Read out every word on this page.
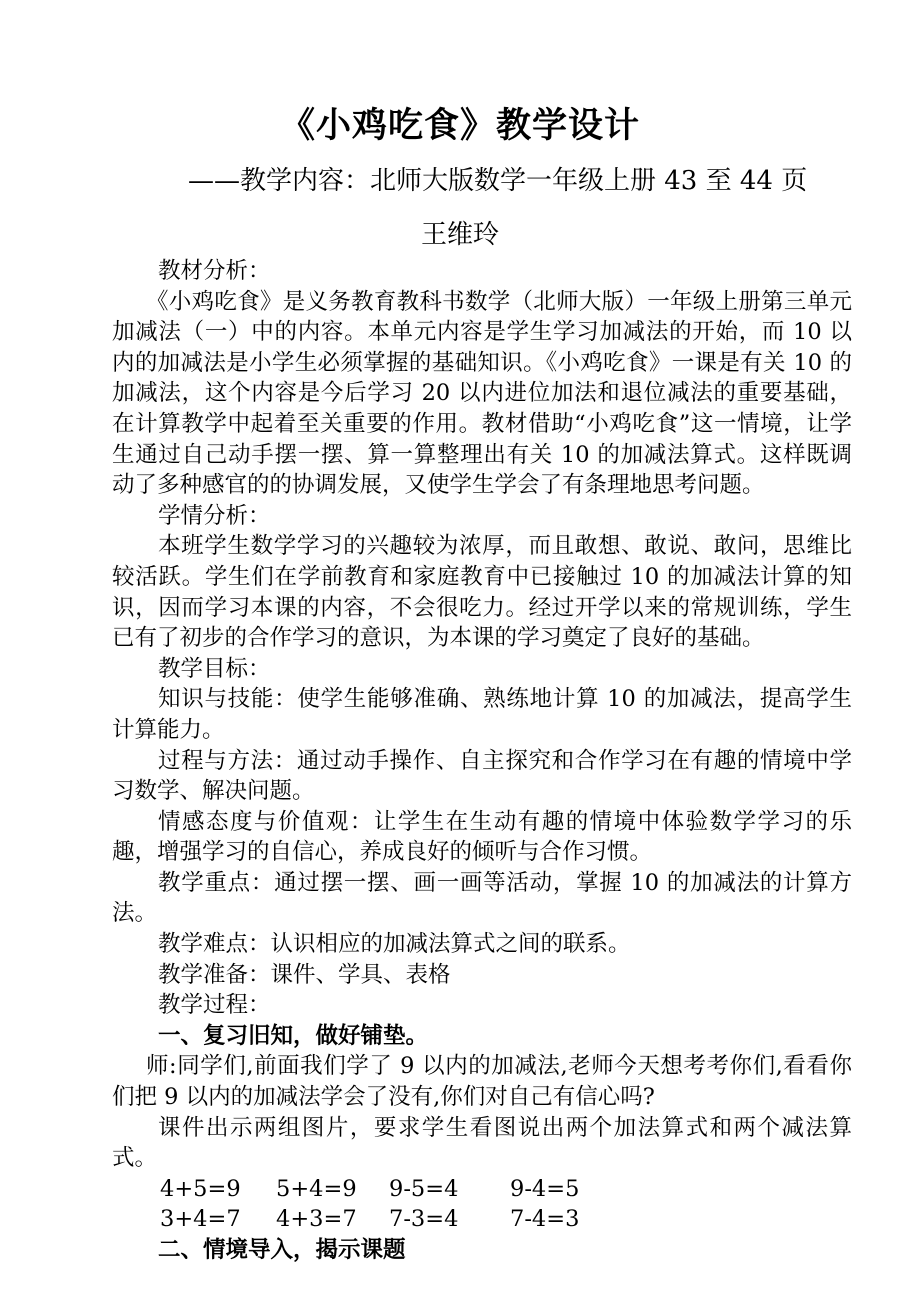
《小鸡吃食》教学设计
——教学内容：北师大版数学一年级上册 43 至 44 页
王维玲

教材分析：

《小鸡吃食》是义务教育教科书数学（北师大版）一年级上册第三单元加减法（一）中的内容。本单元内容是学生学习加减法的开始，而 10 以内的加减法是小学生必须掌握的基础知识。《小鸡吃食》一课是有关 10 的加减法，这个内容是今后学习 20 以内进位加法和退位减法的重要基础，在计算教学中起着至关重要的作用。教材借助“小鸡吃食”这一情境，让学生通过自己动手摆一摆、算一算整理出有关 10 的加减法算式。这样既调动了多种感官的的协调发展，又使学生学会了有条理地思考问题。

学情分析：

本班学生数学学习的兴趣较为浓厚，而且敢想、敢说、敢问，思维比较活跃。学生们在学前教育和家庭教育中已接触过 10 的加减法计算的知识，因而学习本课的内容，不会很吃力。经过开学以来的常规训练，学生已有了初步的合作学习的意识，为本课的学习奠定了良好的基础。

教学目标：

知识与技能：使学生能够准确、熟练地计算 10 的加减法，提高学生计算能力。

过程与方法：通过动手操作、自主探究和合作学习在有趣的情境中学习数学、解决问题。

情感态度与价值观：让学生在生动有趣的情境中体验数学学习的乐趣，增强学习的自信心，养成良好的倾听与合作习惯。

教学重点：通过摆一摆、画一画等活动，掌握 10 的加减法的计算方法。

教学难点：认识相应的加减法算式之间的联系。

教学准备：课件、学具、表格

教学过程：

一、复习旧知，做好铺垫。

师:同学们,前面我们学了 9 以内的加减法,老师今天想考考你们,看看你们把 9 以内的加减法学会了没有,你们对自己有信心吗?

课件出示两组图片，要求学生看图说出两个加法算式和两个减法算式。

4+5=9	5+4=9	9-5=4	9-4=5
3+4=7	4+3=7	7-3=4	7-4=3

二、情境导入，揭示课题
